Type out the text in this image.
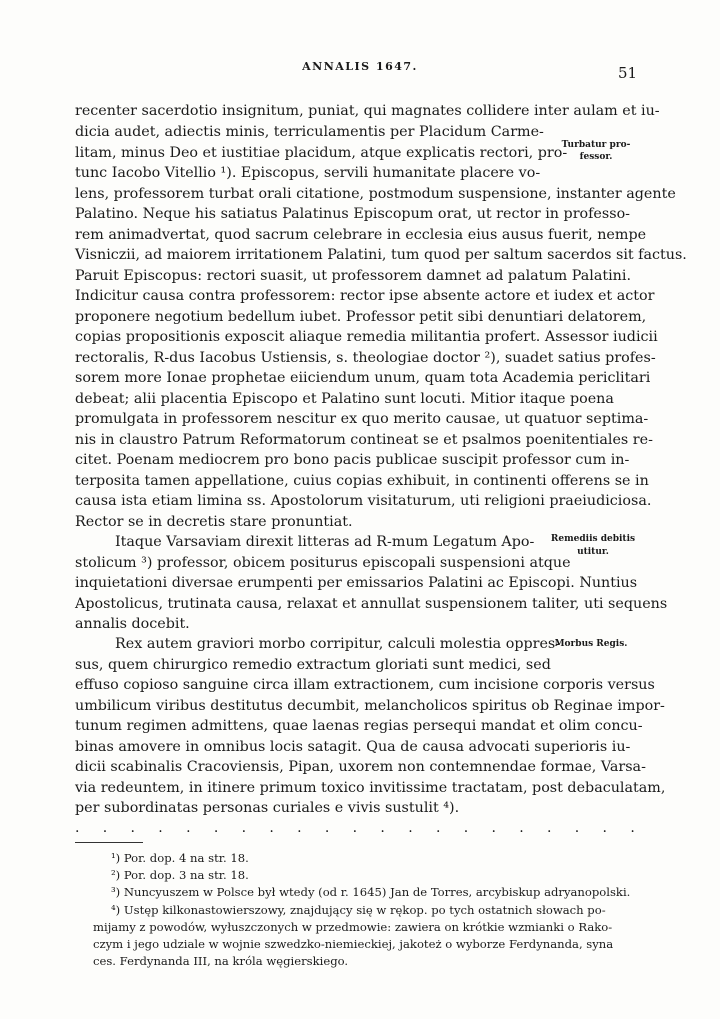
ANNALIS 1647.	51
recenter sacerdotio insignitum, puniat, qui magnates collidere inter aulam et iu-
dicia audet, adiectis minis, terriculamentis per Placidum Carme-
litam, minus Deo et iustitiae placidum, atque explicatis rectori, pro-
tunc Iacobo Vitellio ¹). Episcopus, servili humanitate placere vo-
lens, professorem turbat orali citatione, postmodum suspensione, instanter agente
Palatino. Neque his satiatus Palatinus Episcopum orat, ut rector in professo-
rem animadvertat, quod sacrum celebrare in ecclesia eius ausus fuerit, nempe
Visniczii, ad maiorem irritationem Palatini, tum quod per saltum sacerdos sit factus.
Paruit Episcopus: rectori suasit, ut professorem damnet ad palatum Palatini.
Indicitur causa contra professorem: rector ipse absente actore et iudex et actor
proponere negotium bedellum iubet. Professor petit sibi denuntiari delatorem,
copias propositionis exposcit aliaque remedia militantia profert. Assessor iudicii
rectoralis, R-dus Iacobus Ustiensis, s. theologiae doctor ²), suadet satius profes-
sorem more Ionae prophetae eiiciendum unum, quam tota Academia periclitari
debeat; alii placentia Episcopo et Palatino sunt locuti. Mitior itaque poena
promulgata in professorem nescitur ex quo merito causae, ut quatuor septima-
nis in claustro Patrum Reformatorum contineat se et psalmos poenitentiales re-
citet. Poenam mediocrem pro bono pacis publicae suscipit professor cum in-
terposita tamen appellatione, cuius copias exhibuit, in continenti offerens se in
causa ista etiam limina ss. Apostolorum visitaturum, uti religioni praeiudiciosa.
Rector se in decretis stare pronuntiat.
Itaque Varsaviam direxit litteras ad R-mum Legatum Apo-
stolicum ³) professor, obicem positurus episcopali suspensioni atque
inquietationi diversae erumpenti per emissarios Palatini ac Episcopi. Nuntius
Apostolicus, trutinata causa, relaxat et annullat suspensionem taliter, uti sequens
annalis docebit.
Rex autem graviori morbo corripitur, calculi molestia oppres-
sus, quem chirurgico remedio extractum gloriati sunt medici, sed
effuso copioso sanguine circa illam extractionem, cum incisione corporis versus
umbilicum viribus destitutus decumbit, melancholicos spiritus ob Reginae impor-
tunum regimen admittens, quae laenas regias persequi mandat et olim concu-
binas amovere in omnibus locis satagit. Qua de causa advocati superioris iu-
dicii scabinalis Cracoviensis, Pipan, uxorem non contemnendae formae, Varsa-
via redeuntem, in itinere primum toxico invitissime tractatam, post debaculatam,
per subordinatas personas curiales e vivis sustulit ⁴).
Turbatur pro-
fessor.
Remediis debitis
utitur.
Morbus Regis.
. . . . . . . . . . . . . . . . . . . . .
¹) Por. dop. 4 na str. 18.
²) Por. dop. 3 na str. 18.
³) Nuncyuszem w Polsce był wtedy (od r. 1645) Jan de Torres, arcybiskup adryanopolski.
⁴) Ustęp kilkonastowierszowy, znajdujący się w rękop. po tych ostatnich słowach po-
mijamy z powodów, wyłuszczonych w przedmowie: zawiera on krótkie wzmianki o Rako-
czym i jego udziale w wojnie szwedzko-niemieckiej, jakoteż o wyborze Ferdynanda, syna
ces. Ferdynanda III, na króla węgierskiego.
